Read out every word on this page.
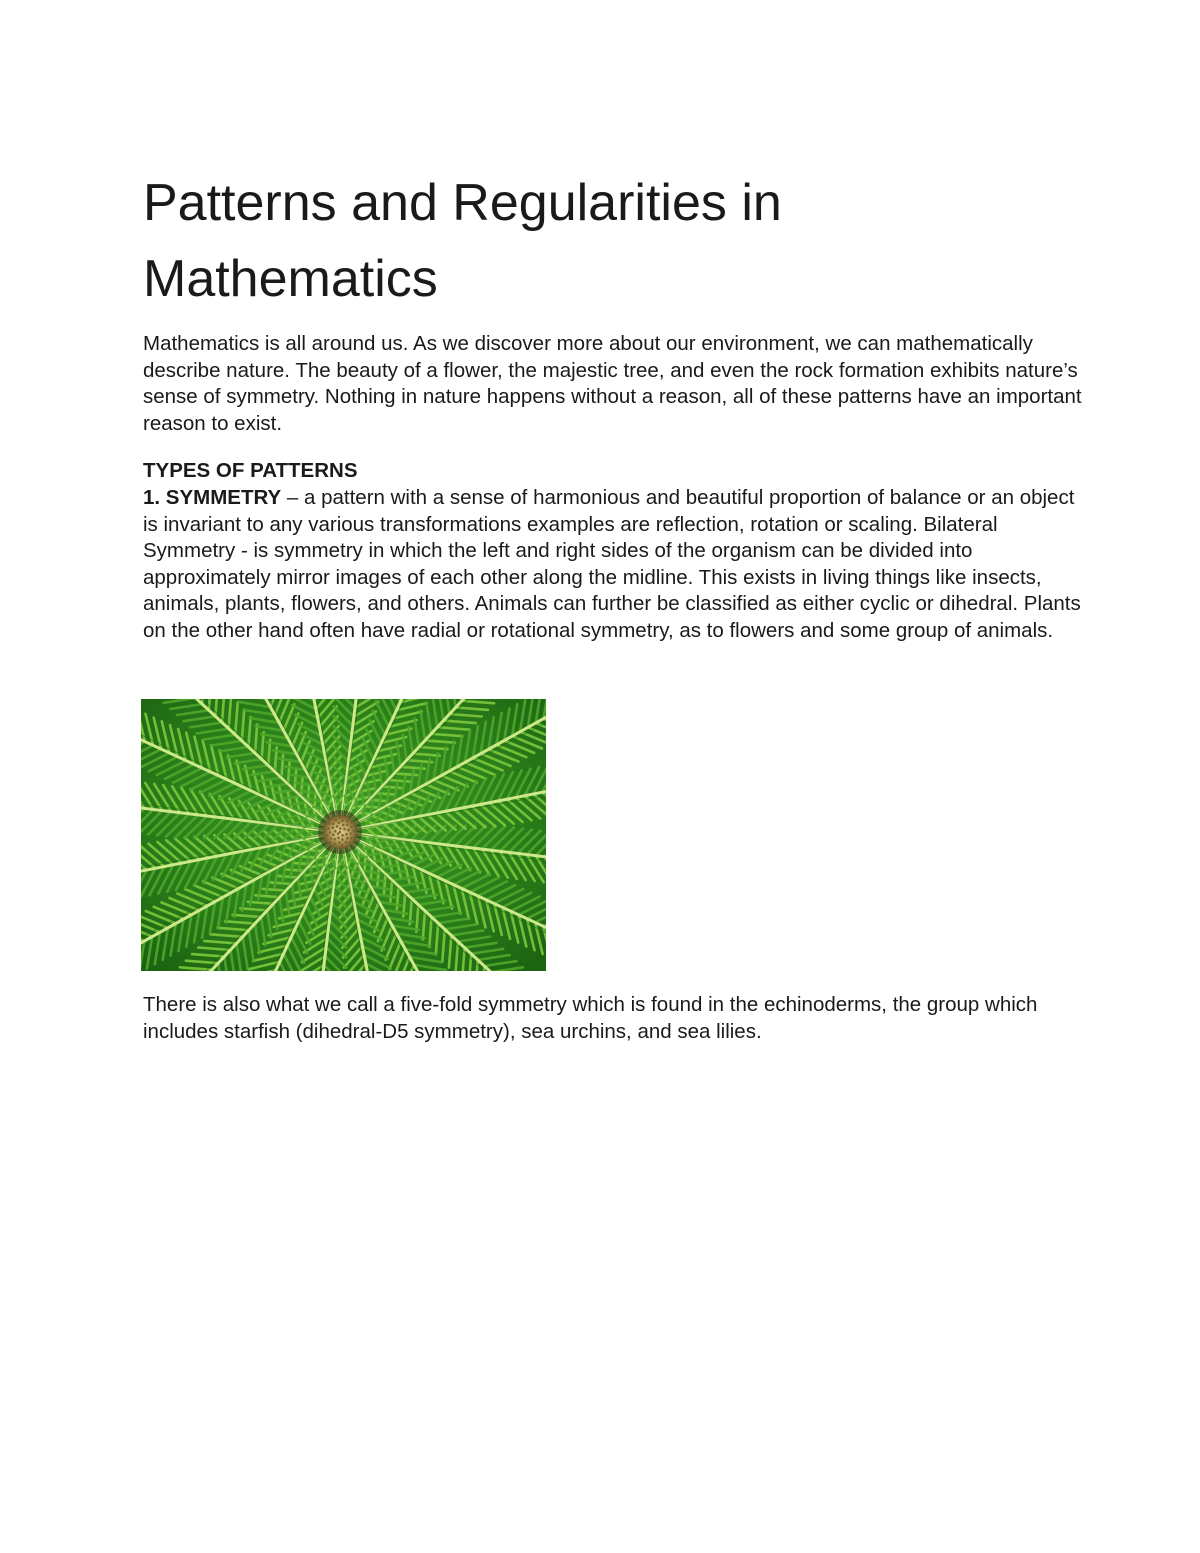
Patterns and Regularities in Mathematics

Mathematics is all around us. As we discover more about our environment, we can mathematically describe nature. The beauty of a flower, the majestic tree, and even the rock formation exhibits nature’s sense of symmetry. Nothing in nature happens without a reason, all of these patterns have an important reason to exist.

TYPES OF PATTERNS

1. SYMMETRY – a pattern with a sense of harmonious and beautiful proportion of balance or an object is invariant to any various transformations examples are reflection, rotation or scaling. Bilateral Symmetry - is symmetry in which the left and right sides of the organism can be divided into approximately mirror images of each other along the midline. This exists in living things like insects, animals, plants, flowers, and others. Animals can further be classified as either cyclic or dihedral. Plants on the other hand often have radial or rotational symmetry, as to flowers and some group of animals.

There is also what we call a five-fold symmetry which is found in the echinoderms, the group which includes starfish (dihedral-D5 symmetry), sea urchins, and sea lilies.
